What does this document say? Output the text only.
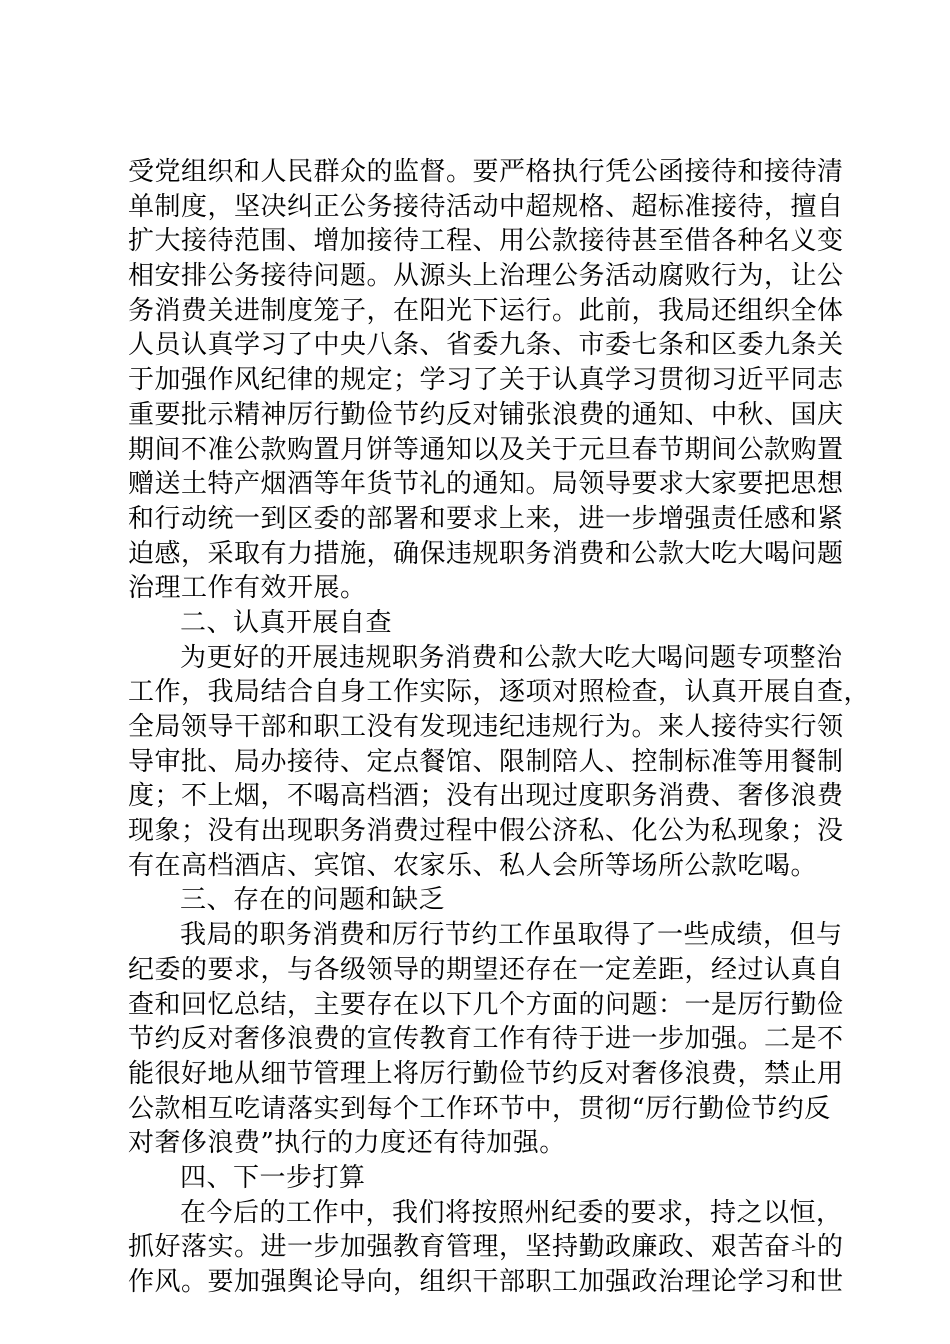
受党组织和人民群众的监督。要严格执行凭公函接待和接待清
单制度，坚决纠正公务接待活动中超规格、超标准接待，擅自
扩大接待范围、增加接待工程、用公款接待甚至借各种名义变
相安排公务接待问题。从源头上治理公务活动腐败行为，让公
务消费关进制度笼子，在阳光下运行。此前，我局还组织全体
人员认真学习了中央八条、省委九条、市委七条和区委九条关
于加强作风纪律的规定；学习了关于认真学习贯彻习近平同志
重要批示精神厉行勤俭节约反对铺张浪费的通知、中秋、国庆
期间不准公款购置月饼等通知以及关于元旦春节期间公款购置
赠送土特产烟酒等年货节礼的通知。局领导要求大家要把思想
和行动统一到区委的部署和要求上来，进一步增强责任感和紧
迫感，采取有力措施，确保违规职务消费和公款大吃大喝问题
治理工作有效开展。
二、认真开展自查
为更好的开展违规职务消费和公款大吃大喝问题专项整治
工作，我局结合自身工作实际，逐项对照检查，认真开展自查，
全局领导干部和职工没有发现违纪违规行为。来人接待实行领
导审批、局办接待、定点餐馆、限制陪人、控制标准等用餐制
度；不上烟，不喝高档酒；没有出现过度职务消费、奢侈浪费
现象；没有出现职务消费过程中假公济私、化公为私现象；没
有在高档酒店、宾馆、农家乐、私人会所等场所公款吃喝。
三、存在的问题和缺乏
我局的职务消费和厉行节约工作虽取得了一些成绩，但与
纪委的要求，与各级领导的期望还存在一定差距，经过认真自
查和回忆总结，主要存在以下几个方面的问题：一是厉行勤俭
节约反对奢侈浪费的宣传教育工作有待于进一步加强。二是不
能很好地从细节管理上将厉行勤俭节约反对奢侈浪费，禁止用
公款相互吃请落实到每个工作环节中，贯彻“厉行勤俭节约反
对奢侈浪费”执行的力度还有待加强。
四、下一步打算
在今后的工作中，我们将按照州纪委的要求，持之以恒，
抓好落实。进一步加强教育管理，坚持勤政廉政、艰苦奋斗的
作风。要加强舆论导向，组织干部职工加强政治理论学习和世
